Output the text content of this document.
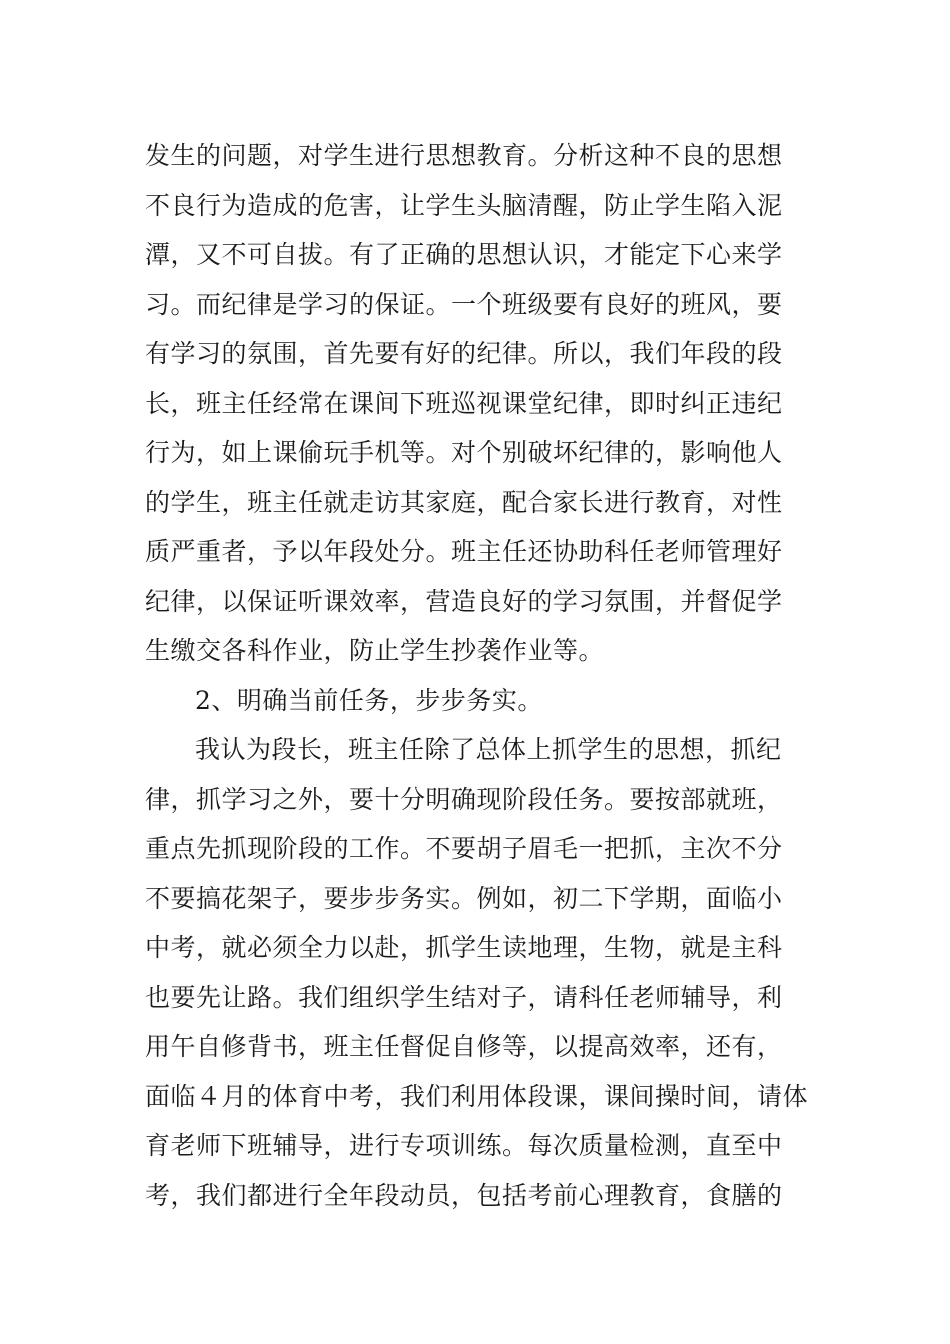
发生的问题，对学生进行思想教育。分析这种不良的思想
不良行为造成的危害，让学生头脑清醒，防止学生陷入泥
潭，又不可自拔。有了正确的思想认识，才能定下心来学
习。而纪律是学习的保证。一个班级要有良好的班风，要
有学习的氛围，首先要有好的纪律。所以，我们年段的段
长，班主任经常在课间下班巡视课堂纪律，即时纠正违纪
行为，如上课偷玩手机等。对个别破坏纪律的，影响他人
的学生，班主任就走访其家庭，配合家长进行教育，对性
质严重者，予以年段处分。班主任还协助科任老师管理好
纪律，以保证听课效率，营造良好的学习氛围，并督促学
生缴交各科作业，防止学生抄袭作业等。
2、明确当前任务，步步务实。
我认为段长，班主任除了总体上抓学生的思想，抓纪
律，抓学习之外，要十分明确现阶段任务。要按部就班，
重点先抓现阶段的工作。不要胡子眉毛一把抓，主次不分
不要搞花架子，要步步务实。例如，初二下学期，面临小
中考，就必须全力以赴，抓学生读地理，生物，就是主科
也要先让路。我们组织学生结对子，请科任老师辅导，利
用午自修背书，班主任督促自修等，以提高效率，还有，
面临４月的体育中考，我们利用体段课，课间操时间，请体
育老师下班辅导，进行专项训练。每次质量检测，直至中
考，我们都进行全年段动员，包括考前心理教育，食膳的
